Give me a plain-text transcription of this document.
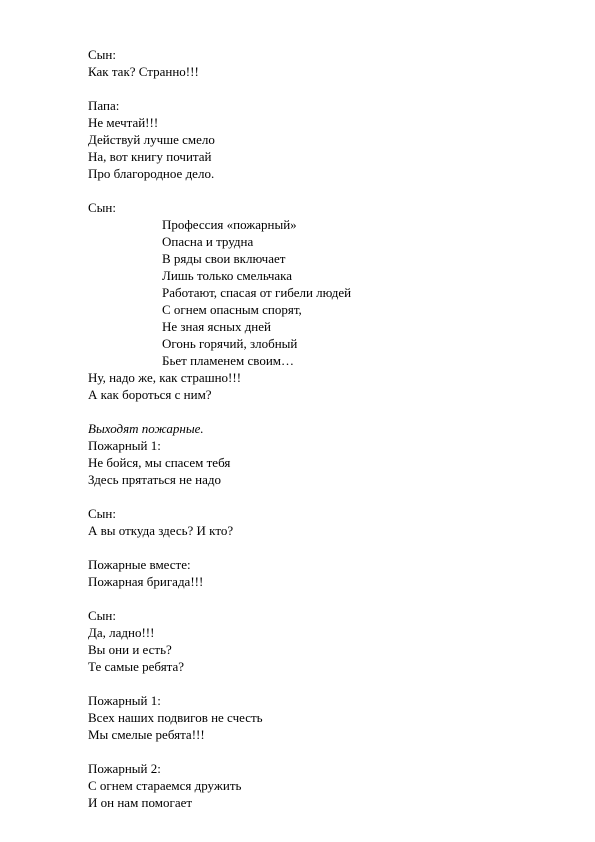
Сын:
Как так? Странно!!!
Папа:
Не мечтай!!!
Действуй лучше смело
На, вот книгу почитай
Про благородное дело.
Сын:
Профессия «пожарный»
Опасна и трудна
В ряды свои включает
Лишь только смельчака
Работают, спасая от гибели людей
С огнем опасным спорят,
Не зная ясных дней
Огонь горячий, злобный
Бьет пламенем своим…
Ну, надо же, как страшно!!!
А как бороться с ним?
Выходят пожарные.
Пожарный 1:
Не бойся, мы спасем тебя
Здесь прятаться не надо
Сын:
А вы откуда здесь? И кто?
Пожарные вместе:
Пожарная бригада!!!
Сын:
Да, ладно!!!
Вы они и есть?
Те самые ребята?
Пожарный 1:
Всех наших подвигов не счесть
Мы смелые ребята!!!
Пожарный 2:
С огнем стараемся дружить
И он нам помогает
